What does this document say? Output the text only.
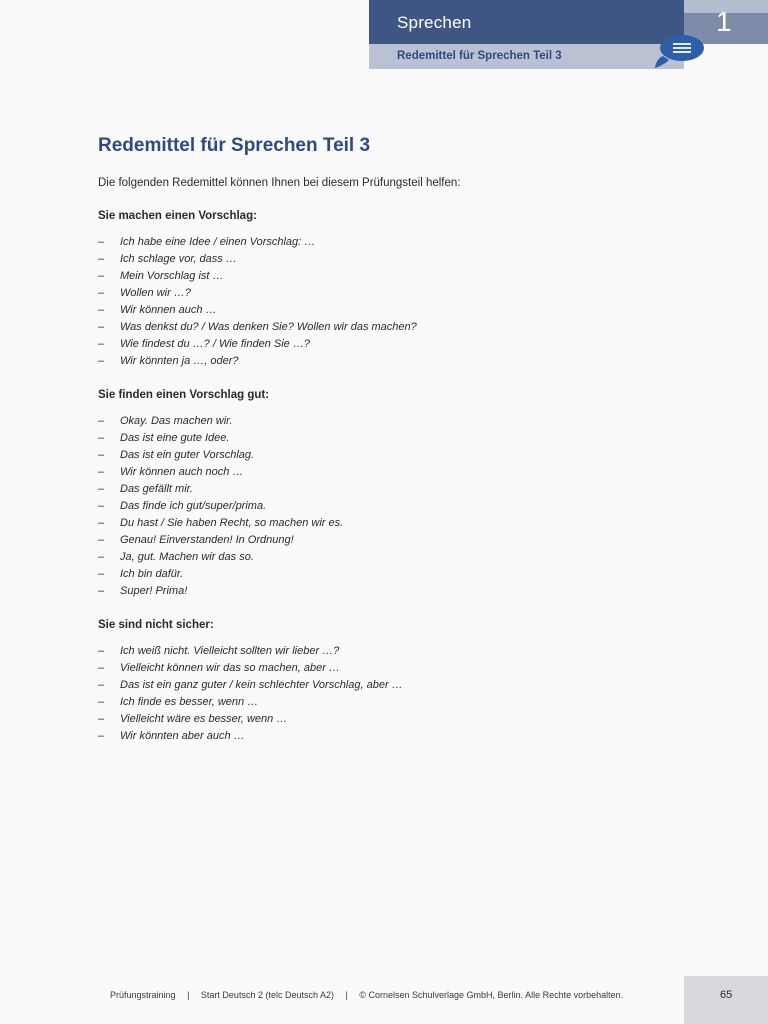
Sprechen
Redemittel für Sprechen Teil 3
1
Redemittel für Sprechen Teil 3

Die folgenden Redemittel können Ihnen bei diesem Prüfungsteil helfen:

Sie machen einen Vorschlag:

– Ich habe eine Idee / einen Vorschlag: …
– Ich schlage vor, dass …
– Mein Vorschlag ist …
– Wollen wir …?
– Wir können auch …
– Was denkst du? / Was denken Sie? Wollen wir das machen?
– Wie findest du …? / Wie finden Sie …?
– Wir könnten ja …, oder?

Sie finden einen Vorschlag gut:

– Okay. Das machen wir.
– Das ist eine gute Idee.
– Das ist ein guter Vorschlag.
– Wir können auch noch …
– Das gefällt mir.
– Das finde ich gut/super/prima.
– Du hast / Sie haben Recht, so machen wir es.
– Genau! Einverstanden! In Ordnung!
– Ja, gut. Machen wir das so.
– Ich bin dafür.
– Super! Prima!

Sie sind nicht sicher:

– Ich weiß nicht. Vielleicht sollten wir lieber …?
– Vielleicht können wir das so machen, aber …
– Das ist ein ganz guter / kein schlechter Vorschlag, aber …
– Ich finde es besser, wenn …
– Vielleicht wäre es besser, wenn …
– Wir könnten aber auch …
Prüfungstraining | Start Deutsch 2 (telc Deutsch A2) | © Cornelsen Schulverlage GmbH, Berlin. Alle Rechte vorbehalten.	65
